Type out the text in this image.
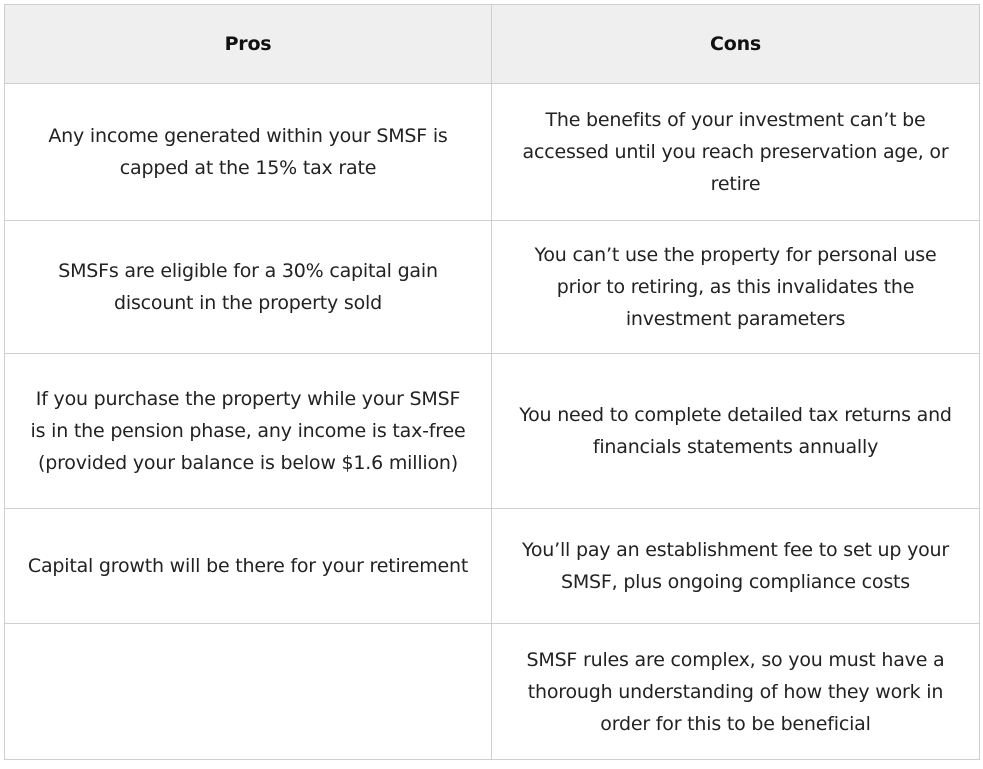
Pros	Cons
Any income generated within your SMSF is capped at the 15% tax rate	The benefits of your investment can’t be accessed until you reach preservation age, or retire
SMSFs are eligible for a 30% capital gain discount in the property sold	You can’t use the property for personal use prior to retiring, as this invalidates the investment parameters
If you purchase the property while your SMSF is in the pension phase, any income is tax-free (provided your balance is below $1.6 million)	You need to complete detailed tax returns and financials statements annually
Capital growth will be there for your retirement	You’ll pay an establishment fee to set up your SMSF, plus ongoing compliance costs
	SMSF rules are complex, so you must have a thorough understanding of how they work in order for this to be beneficial
